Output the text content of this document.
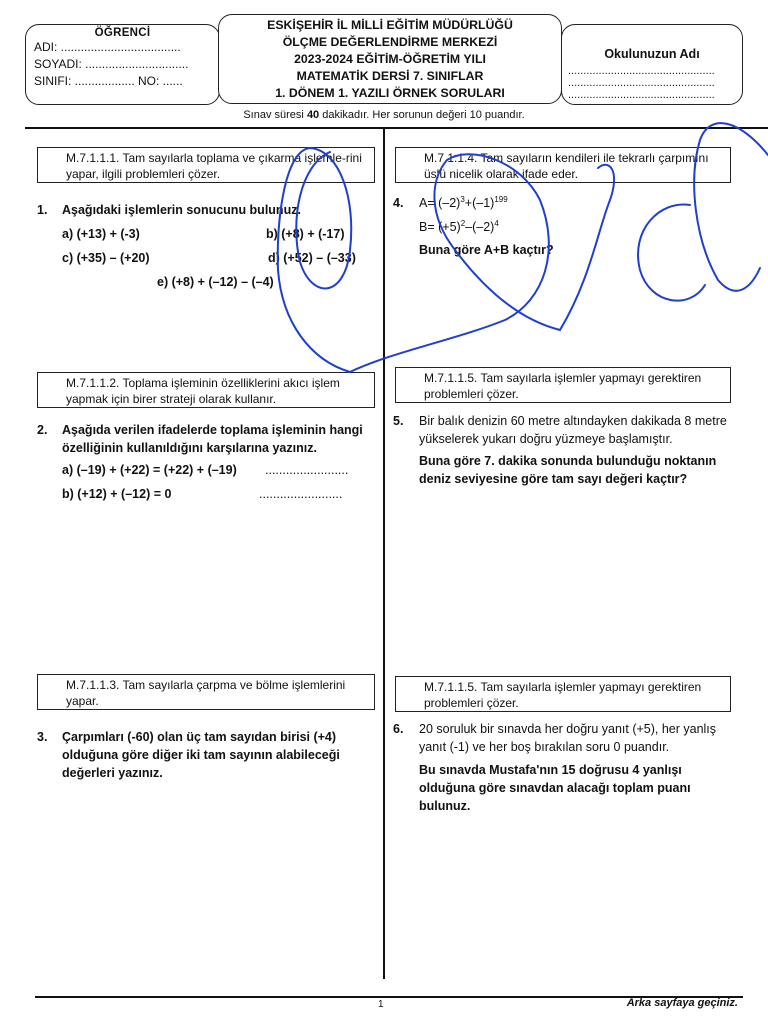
ÖĞRENCİ
ADI: ....................................
SOYADI: ...............................
SINIFI: .................. NO: ......
ESKİŞEHİR İL MİLLİ EĞİTİM MÜDÜRLÜĞÜ
ÖLÇME DEĞERLENDİRME MERKEZİ
2023-2024 EĞİTİM-ÖĞRETİM YILI
MATEMATİK DERSİ 7. SINIFLAR
1. DÖNEM 1. YAZILI ÖRNEK SORULARI
Okulunuzun Adı
................................................
................................................
................................................
Sınav süresi 40 dakikadır. Her sorunun değeri 10 puandır.
M.7.1.1.1. Tam sayılarla toplama ve çıkarma işlemle-rini yapar, ilgili problemleri çözer.
1. Aşağıdaki işlemlerin sonucunu bulunuz.
a) (+13) + (-3)	b) (+8) + (-17)
c) (+35) – (+20)	d) (+52) – (–33)
e) (+8) + (–12) – (–4)
M.7.1.1.2. Toplama işleminin özelliklerini akıcı işlem yapmak için birer strateji olarak kullanır.
2. Aşağıda verilen ifadelerde toplama işleminin hangi özelliğinin kullanıldığını karşılarına yazınız.
a) (–19) + (+22) = (+22) + (–19) ........................
b) (+12) + (–12) = 0	........................
M.7.1.1.3. Tam sayılarla çarpma ve bölme işlemlerini yapar.
3. Çarpımları (-60) olan üç tam sayıdan birisi (+4) olduğuna göre diğer iki tam sayının alabileceği değerleri yazınız.
M.7.1.1.4. Tam sayıların kendileri ile tekrarlı çarpımını üslü nicelik olarak ifade eder.
4. $A= (-2)^3+(-1)^{199}$
$B= (+5)^2-(-2)^4$
Buna göre A+B kaçtır?
M.7.1.1.5. Tam sayılarla işlemler yapmayı gerektiren problemleri çözer.
5. Bir balık denizin 60 metre altındayken dakikada 8 metre yükselerek yukarı doğru yüzmeye başlamıştır.
Buna göre 7. dakika sonunda bulunduğu noktanın deniz seviyesine göre tam sayı değeri kaçtır?
M.7.1.1.5. Tam sayılarla işlemler yapmayı gerektiren problemleri çözer.
6. 20 soruluk bir sınavda her doğru yanıt (+5), her yanlış yanıt (-1) ve her boş bırakılan soru 0 puandır.
Bu sınavda Mustafa'nın 15 doğrusu 4 yanlışı olduğuna göre sınavdan alacağı toplam puanı bulunuz.
1	Arka sayfaya geçiniz.
